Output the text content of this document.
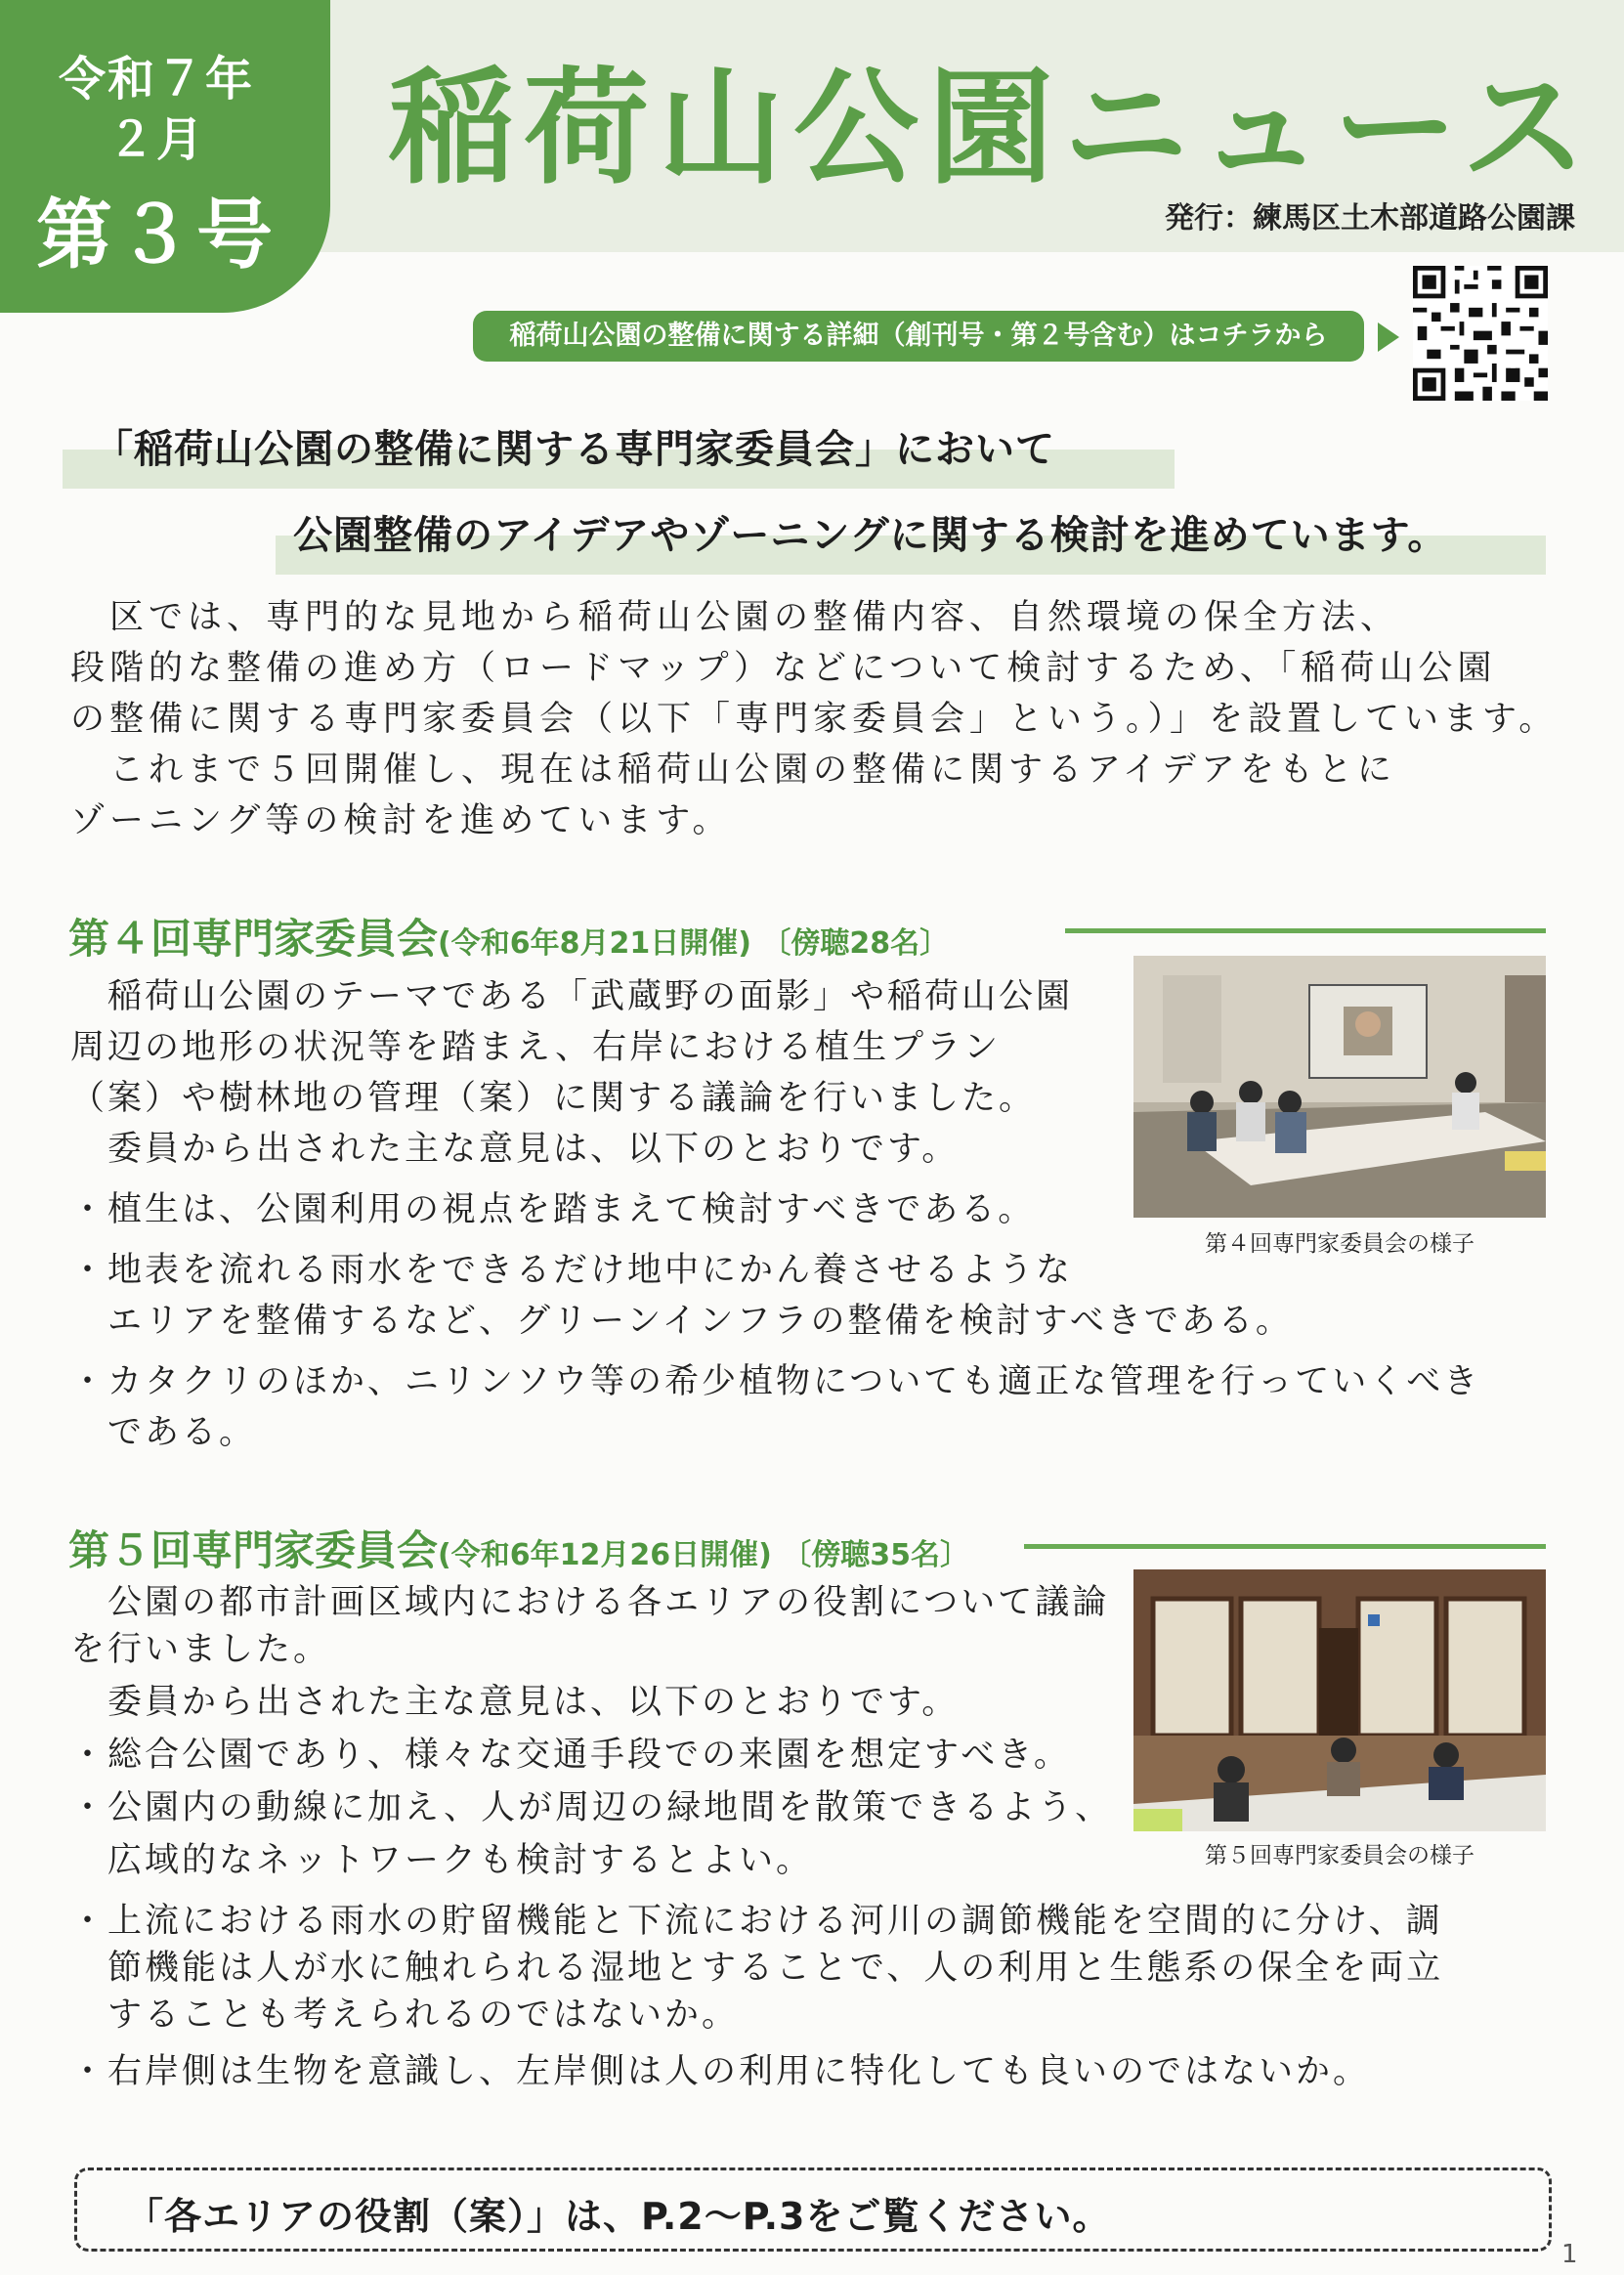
令和７年
２月
第３号
稲荷山公園ニュース
発行：練馬区土木部道路公園課
稲荷山公園の整備に関する詳細（創刊号・第２号含む）はコチラから
「稲荷山公園の整備に関する専門家委員会」において
公園整備のアイデアやゾーニングに関する検討を進めています。
　区では、専門的な見地から稲荷山公園の整備内容、自然環境の保全方法、
段階的な整備の進め方（ロードマップ）などについて検討するため、「稲荷山公園
の整備に関する専門家委員会（以下「専門家委員会」という。）」を設置しています。
　これまで５回開催し、現在は稲荷山公園の整備に関するアイデアをもとに
ゾーニング等の検討を進めています。
第４回専門家委員会(令和6年8月21日開催) 〔傍聴28名〕
　稲荷山公園のテーマである「武蔵野の面影」や稲荷山公園
周辺の地形の状況等を踏まえ、右岸における植生プラン
（案）や樹林地の管理（案）に関する議論を行いました。
　委員から出された主な意見は、以下のとおりです。
・植生は、公園利用の視点を踏まえて検討すべきである。
・地表を流れる雨水をできるだけ地中にかん養させるような
　エリアを整備するなど、グリーンインフラの整備を検討すべきである。
・カタクリのほか、ニリンソウ等の希少植物についても適正な管理を行っていくべき
　である。
第４回専門家委員会の様子
第５回専門家委員会(令和6年12月26日開催) 〔傍聴35名〕
　公園の都市計画区域内における各エリアの役割について議論
を行いました。
　委員から出された主な意見は、以下のとおりです。
・総合公園であり、様々な交通手段での来園を想定すべき。
・公園内の動線に加え、人が周辺の緑地間を散策できるよう、
　広域的なネットワークも検討するとよい。
・上流における雨水の貯留機能と下流における河川の調節機能を空間的に分け、調
　節機能は人が水に触れられる湿地とすることで、人の利用と生態系の保全を両立
　することも考えられるのではないか。
・右岸側は生物を意識し、左岸側は人の利用に特化しても良いのではないか。
第５回専門家委員会の様子
「各エリアの役割（案）」は、P.2～P.3をご覧ください。
1
